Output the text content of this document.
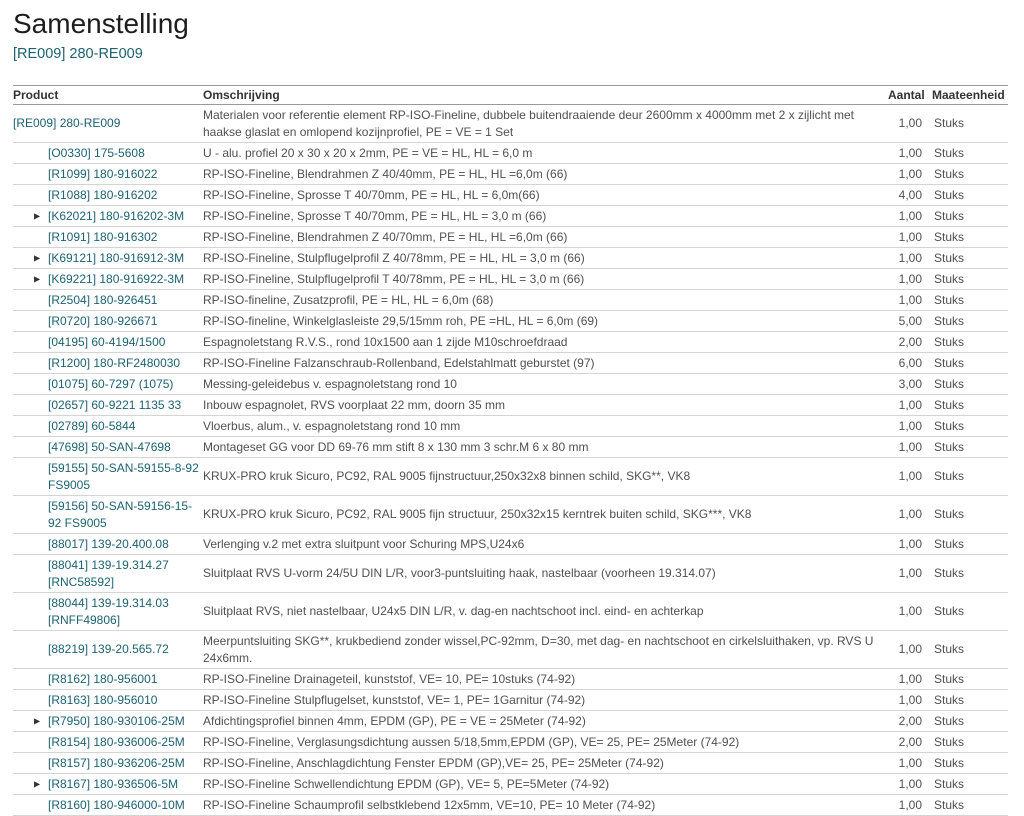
Samenstelling
[RE009] 280-RE009
Product	Omschrijving	Aantal	Maateenheid
[RE009] 280-RE009	Materialen voor referentie element RP-ISO-Fineline, dubbele buitendraaiende deur 2600mm x 4000mm met 2 x zijlicht met haakse glaslat en omlopend kozijnprofiel, PE = VE = 1 Set	1,00	Stuks
[O0330] 175-5608	U - alu. profiel 20 x 30 x 20 x 2mm, PE = VE = HL, HL = 6,0 m	1,00	Stuks
[R1099] 180-916022	RP-ISO-Fineline, Blendrahmen Z 40/40mm, PE = HL, HL =6,0m (66)	1,00	Stuks
[R1088] 180-916202	RP-ISO-Fineline, Sprosse T 40/70mm, PE = HL, HL = 6,0m(66)	4,00	Stuks

▶ [K62021] 180-916202-3M	RP-ISO-Fineline, Sprosse T 40/70mm, PE = HL, HL = 3,0 m (66)	1,00	Stuks
[R1091] 180-916302	RP-ISO-Fineline, Blendrahmen Z 40/70mm, PE = HL, HL =6,0m (66)	1,00	Stuks

▶ [K69121] 180-916912-3M	RP-ISO-Fineline, Stulpflugelprofil Z 40/78mm, PE = HL, HL = 3,0 m (66)	1,00	Stuks

▶ [K69221] 180-916922-3M	RP-ISO-Fineline, Stulpflugelprofil T 40/78mm, PE = HL, HL = 3,0 m (66)	1,00	Stuks
[R2504] 180-926451	RP-ISO-fineline, Zusatzprofil, PE = HL, HL = 6,0m (68)	1,00	Stuks
[R0720] 180-926671	RP-ISO-fineline, Winkelglasleiste 29,5/15mm roh, PE =HL, HL = 6,0m (69)	5,00	Stuks
[04195] 60-4194/1500	Espagnoletstang R.V.S., rond 10x1500 aan 1 zijde M10schroefdraad	2,00	Stuks
[R1200] 180-RF2480030	RP-ISO-Fineline Falzanschraub-Rollenband, Edelstahlmatt geburstet (97)	6,00	Stuks
[01075] 60-7297 (1075)	Messing-geleidebus v. espagnoletstang rond 10	3,00	Stuks
[02657] 60-9221 1135 33	Inbouw espagnolet, RVS voorplaat 22 mm, doorn 35 mm	1,00	Stuks
[02789] 60-5844	Vloerbus, alum., v. espagnoletstang rond 10 mm	1,00	Stuks
[47698] 50-SAN-47698	Montageset GG voor DD 69-76 mm stift 8 x 130 mm 3 schr.M 6 x 80 mm	1,00	Stuks
[59155] 50-SAN-59155-8-92 FS9005	KRUX-PRO kruk Sicuro, PC92, RAL 9005 fijnstructuur,250x32x8 binnen schild, SKG**, VK8	1,00	Stuks
[59156] 50-SAN-59156-15-92 FS9005	KRUX-PRO kruk Sicuro, PC92, RAL 9005 fijn structuur, 250x32x15 kerntrek buiten schild, SKG***, VK8	1,00	Stuks
[88017] 139-20.400.08	Verlenging v.2 met extra sluitpunt voor Schuring MPS,U24x6	1,00	Stuks
[88041] 139-19.314.27 [RNC58592]	Sluitplaat RVS U-vorm 24/5U DIN L/R, voor3-puntsluiting haak, nastelbaar (voorheen 19.314.07)	1,00	Stuks
[88044] 139-19.314.03 [RNFF49806]	Sluitplaat RVS, niet nastelbaar, U24x5 DIN L/R, v. dag-en nachtschoot incl. eind- en achterkap	1,00	Stuks
[88219] 139-20.565.72	Meerpuntsluiting SKG**, krukbediend zonder wissel,PC-92mm, D=30, met dag- en nachtschoot en cirkelsluithaken, vp. RVS U 24x6mm.	1,00	Stuks
[R8162] 180-956001	RP-ISO-Fineline Drainageteil, kunststof, VE= 10, PE= 10stuks (74-92)	1,00	Stuks
[R8163] 180-956010	RP-ISO-Fineline Stulpflugelset, kunststof, VE= 1, PE= 1Garnitur (74-92)	1,00	Stuks

▶ [R7950] 180-930106-25M	Afdichtingsprofiel binnen 4mm, EPDM (GP), PE = VE = 25Meter (74-92)	2,00	Stuks
[R8154] 180-936006-25M	RP-ISO-Fineline, Verglasungsdichtung aussen 5/18,5mm,EPDM (GP), VE= 25, PE= 25Meter (74-92)	2,00	Stuks
[R8157] 180-936206-25M	RP-ISO-Fineline, Anschlagdichtung Fenster EPDM (GP),VE= 25, PE= 25Meter (74-92)	1,00	Stuks

▶ [R8167] 180-936506-5M	RP-ISO-Fineline Schwellendichtung EPDM (GP), VE= 5, PE=5Meter (74-92)	1,00	Stuks
[R8160] 180-946000-10M	RP-ISO-Fineline Schaumprofil selbstklebend 12x5mm, VE=10, PE= 10 Meter (74-92)	1,00	Stuks
